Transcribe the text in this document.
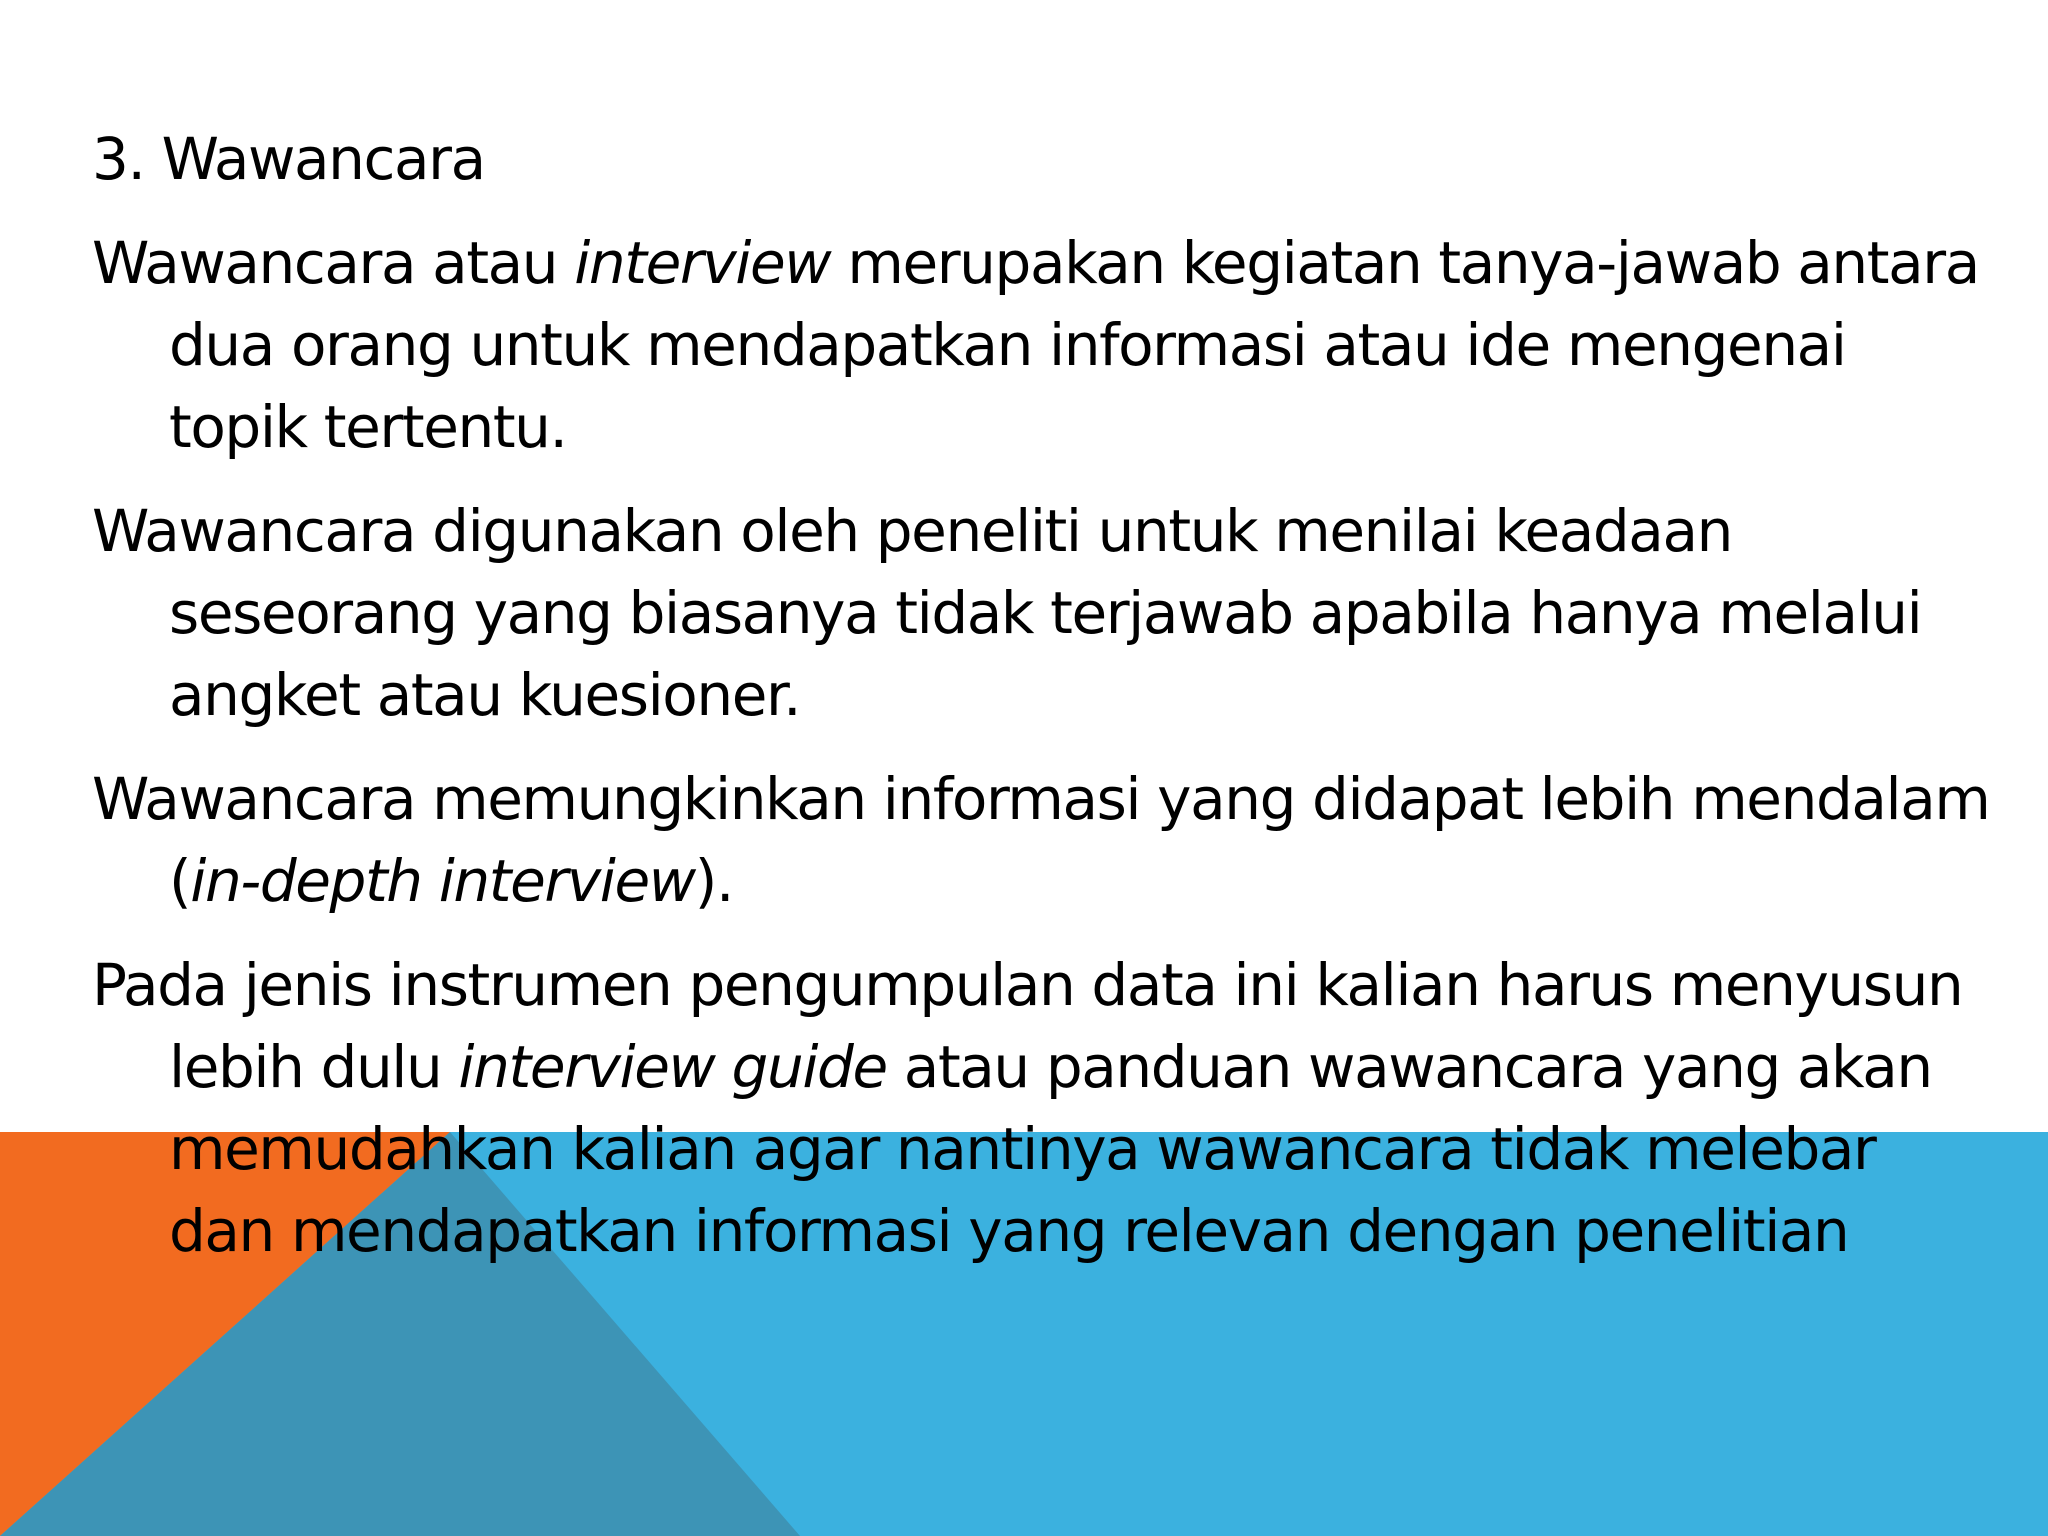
3. Wawancara
Wawancara atau interview merupakan kegiatan tanya-jawab antara dua orang untuk mendapatkan informasi atau ide mengenai topik tertentu.
Wawancara digunakan oleh peneliti untuk menilai keadaan seseorang yang biasanya tidak terjawab apabila hanya melalui angket atau kuesioner.
Wawancara memungkinkan informasi yang didapat lebih mendalam (in-depth interview).
Pada jenis instrumen pengumpulan data ini kalian harus menyusun lebih dulu interview guide atau panduan wawancara yang akan memudahkan kalian agar nantinya wawancara tidak melebar dan mendapatkan informasi yang relevan dengan penelitian
